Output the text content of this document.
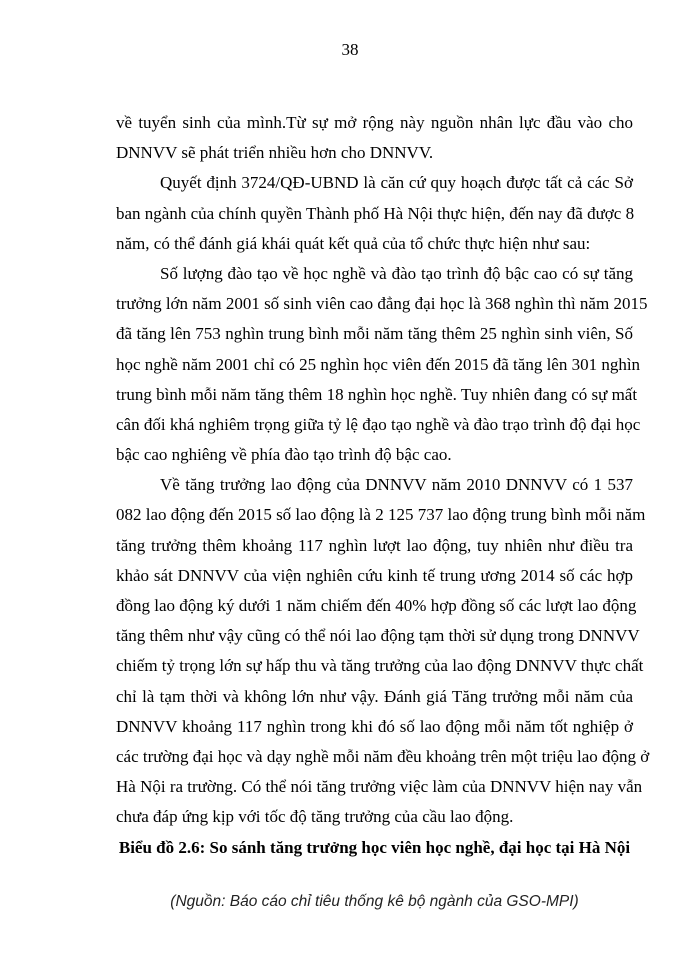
38

về tuyển sinh của mình.Từ sự mở rộng này nguồn nhân lực đầu vào cho
DNNVV sẽ phát triển nhiều hơn cho DNNVV.

Quyết định 3724/QĐ-UBND là căn cứ quy hoạch được tất cả các Sở
ban ngành của chính quyền Thành phố Hà Nội thực hiện, đến nay đã được 8
năm, có thể đánh giá khái quát kết quả của tổ chức thực hiện như sau:

Số lượng đào tạo về học nghề và đào tạo trình độ bậc cao có sự tăng
trưởng lớn năm 2001 số sinh viên cao đẳng đại học là 368 nghìn thì năm 2015
đã tăng lên 753 nghìn trung bình mỗi năm tăng thêm 25 nghìn sinh viên, Số
học nghề năm 2001 chỉ có 25 nghìn học viên đến 2015 đã tăng lên 301 nghìn
trung bình mỗi năm tăng thêm 18 nghìn học nghề. Tuy nhiên đang có sự mất
cân đối khá nghiêm trọng giữa tỷ lệ đạo tạo nghề và đào trạo trình độ đại học
bậc cao nghiêng về phía đào tạo trình độ bậc cao.

Về tăng trưởng lao động của DNNVV năm 2010 DNNVV có 1 537
082 lao động đến 2015 số lao động là 2 125 737 lao động trung bình mỗi năm
tăng trưởng thêm khoảng 117 nghìn lượt lao động, tuy nhiên như điều tra
khảo sát DNNVV của viện nghiên cứu kinh tế trung ương 2014 số các hợp
đồng lao động ký dưới 1 năm chiếm đến 40% hợp đồng số các lượt lao động
tăng thêm như vậy cũng có thể nói lao động tạm thời sử dụng trong DNNVV
chiếm tỷ trọng lớn sự hấp thu và tăng trưởng của lao động DNNVV thực chất
chỉ là tạm thời và không lớn như vậy. Đánh giá Tăng trưởng mỗi năm của
DNNVV khoảng 117 nghìn trong khi đó số lao động mỗi năm tốt nghiệp ở
các trường đại học và dạy nghề mỗi năm đều khoảng trên một triệu lao động ở
Hà Nội ra trường. Có thể nói tăng trưởng việc làm của DNNVV hiện nay vẫn
chưa đáp ứng kịp với tốc độ tăng trưởng của cầu lao động.

Biểu đồ 2.6: So sánh tăng trưởng học viên học nghề, đại học tại Hà Nội

(Nguồn: Báo cáo chỉ tiêu thống kê bộ ngành của GSO-MPI)
